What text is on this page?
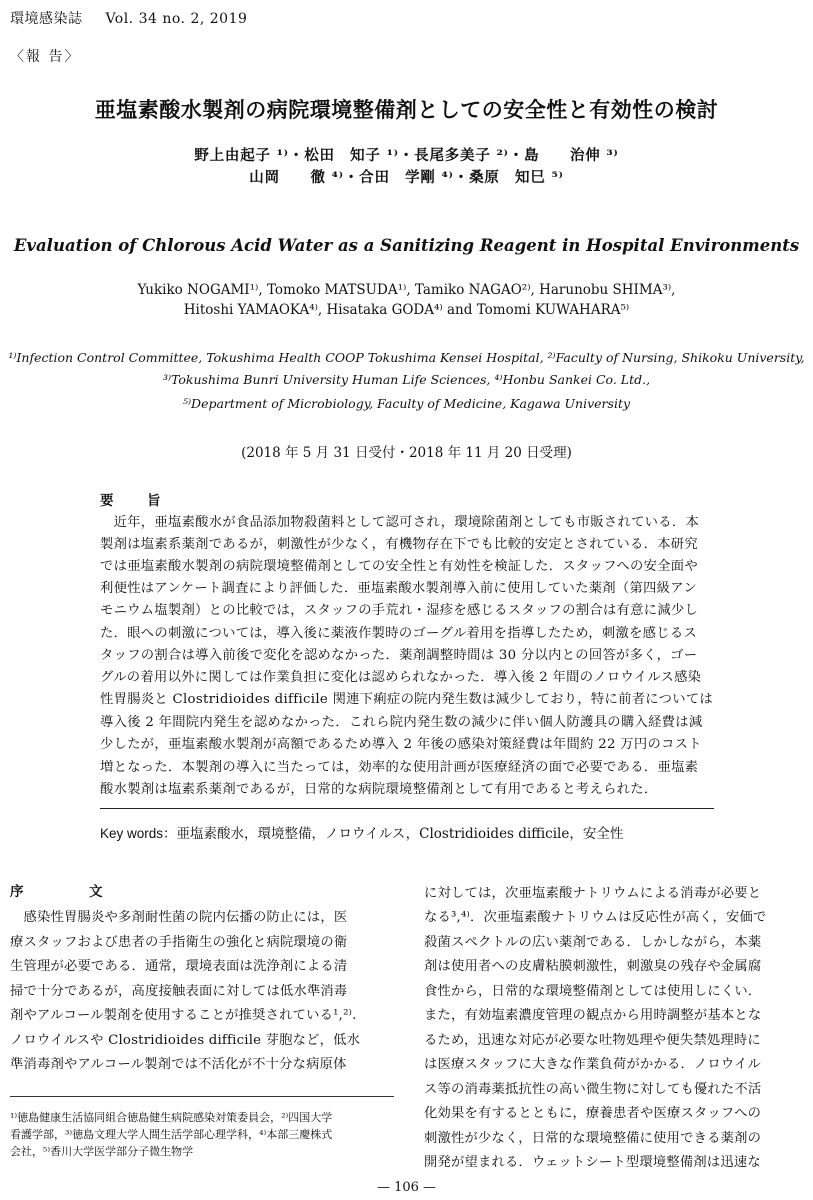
環境感染誌 Vol. 34 no. 2, 2019
〈報 告〉
亜塩素酸水製剤の病院環境整備剤としての安全性と有効性の検討
野上由起子 ¹⁾・松田　知子 ¹⁾・長尾多美子 ²⁾・島　　治伸 ³⁾
山岡　　徹 ⁴⁾・合田　学剛 ⁴⁾・桑原　知巳 ⁵⁾
Evaluation of Chlorous Acid Water as a Sanitizing Reagent in Hospital Environments
Yukiko NOGAMI¹⁾, Tomoko MATSUDA¹⁾, Tamiko NAGAO²⁾, Harunobu SHIMA³⁾,
Hitoshi YAMAOKA⁴⁾, Hisataka GODA⁴⁾ and Tomomi KUWAHARA⁵⁾
¹⁾Infection Control Committee, Tokushima Health COOP Tokushima Kensei Hospital, ²⁾Faculty of Nursing, Shikoku University,
³⁾Tokushima Bunri University Human Life Sciences, ⁴⁾Honbu Sankei Co. Ltd.,
⁵⁾Department of Microbiology, Faculty of Medicine, Kagawa University
(2018 年 5 月 31 日受付・2018 年 11 月 20 日受理)
要　旨
　近年，亜塩素酸水が食品添加物殺菌料として認可され，環境除菌剤としても市販されている．本
製剤は塩素系薬剤であるが，刺激性が少なく，有機物存在下でも比較的安定とされている．本研究
では亜塩素酸水製剤の病院環境整備剤としての安全性と有効性を検証した．スタッフへの安全面や
利便性はアンケート調査により評価した．亜塩素酸水製剤導入前に使用していた薬剤（第四級アン
モニウム塩製剤）との比較では，スタッフの手荒れ・湿疹を感じるスタッフの割合は有意に減少し
た．眼への刺激については，導入後に薬液作製時のゴーグル着用を指導したため，刺激を感じるス
タッフの割合は導入前後で変化を認めなかった．薬剤調整時間は 30 分以内との回答が多く，ゴー
グルの着用以外に関しては作業負担に変化は認められなかった．導入後 2 年間のノロウイルス感染
性胃腸炎と Clostridioides difficile 関連下痢症の院内発生数は減少しており，特に前者については
導入後 2 年間院内発生を認めなかった．これら院内発生数の減少に伴い個人防護具の購入経費は減
少したが，亜塩素酸水製剤が高額であるため導入 2 年後の感染対策経費は年間約 22 万円のコスト
増となった．本製剤の導入に当たっては，効率的な使用計画が医療経済の面で必要である．亜塩素
酸水製剤は塩素系薬剤であるが，日常的な病院環境整備剤として有用であると考えられた．
Key words：亜塩素酸水，環境整備，ノロウイルス，Clostridioides difficile，安全性
序　文
　感染性胃腸炎や多剤耐性菌の院内伝播の防止には，医
療スタッフおよび患者の手指衛生の強化と病院環境の衛
生管理が必要である．通常，環境表面は洗浄剤による清
掃で十分であるが，高度接触表面に対しては低水準消毒
剤やアルコール製剤を使用することが推奨されている¹,²⁾.
ノロウイルスや Clostridioides difficile 芽胞など，低水
準消毒剤やアルコール製剤では不活化が不十分な病原体
に対しては，次亜塩素酸ナトリウムによる消毒が必要と
なる³,⁴⁾．次亜塩素酸ナトリウムは反応性が高く，安価で
殺菌スペクトルの広い薬剤である．しかしながら，本薬
剤は使用者への皮膚粘膜刺激性，刺激臭の残存や金属腐
食性から，日常的な環境整備剤としては使用しにくい．
また，有効塩素濃度管理の観点から用時調整が基本とな
るため，迅速な対応が必要な吐物処理や便失禁処理時に
は医療スタッフに大きな作業負荷がかかる．ノロウイル
ス等の消毒薬抵抗性の高い微生物に対しても優れた不活
化効果を有するとともに，療養患者や医療スタッフへの
刺激性が少なく，日常的な環境整備に使用できる薬剤の
開発が望まれる．ウェットシート型環境整備剤は迅速な
¹⁾徳島健康生活協同組合徳島健生病院感染対策委員会，²⁾四国大学
看護学部，³⁾徳島文理大学人間生活学部心理学科，⁴⁾本部三慶株式
会社，⁵⁾香川大学医学部分子微生物学
— 106 —
